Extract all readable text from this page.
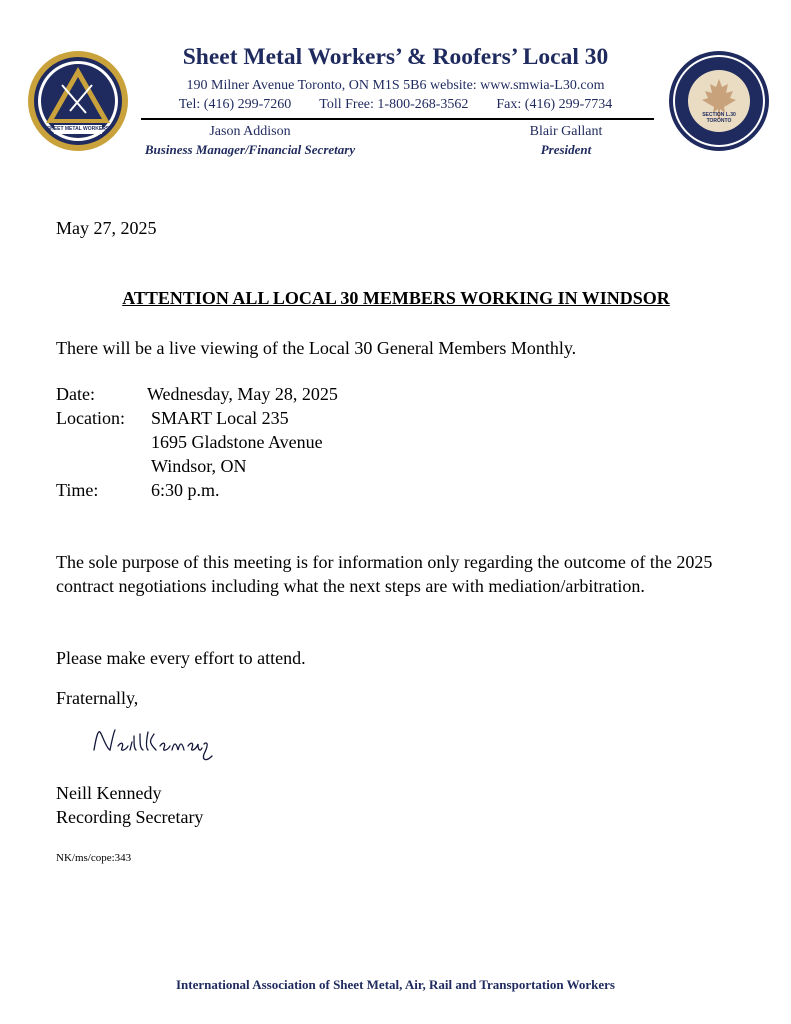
SHEET METAL WORKERS
SECTION L.30 TORONTO
Sheet Metal Workers’ & Roofers’ Local 30
190 Milner Avenue Toronto, ON M1S 5B6 website: www.smwia-L30.com
Tel: (416) 299-7260 Toll Free: 1-800-268-3562 Fax: (416) 299-7734
Jason Addison
Business Manager/Financial Secretary
Blair Gallant
President
May 27, 2025
ATTENTION ALL LOCAL 30 MEMBERS WORKING IN WINDSOR
There will be a live viewing of the Local 30 General Members Monthly.
Date:	Wednesday, May 28, 2025
Location: SMART Local 235
1695 Gladstone Avenue
Windsor, ON
Time:	6:30 p.m.
The sole purpose of this meeting is for information only regarding the outcome of the 2025 contract negotiations including what the next steps are with mediation/arbitration.
Please make every effort to attend.
Fraternally,
Neill Kennedy
Recording Secretary
NK/ms/cope:343
International Association of Sheet Metal, Air, Rail and Transportation Workers
